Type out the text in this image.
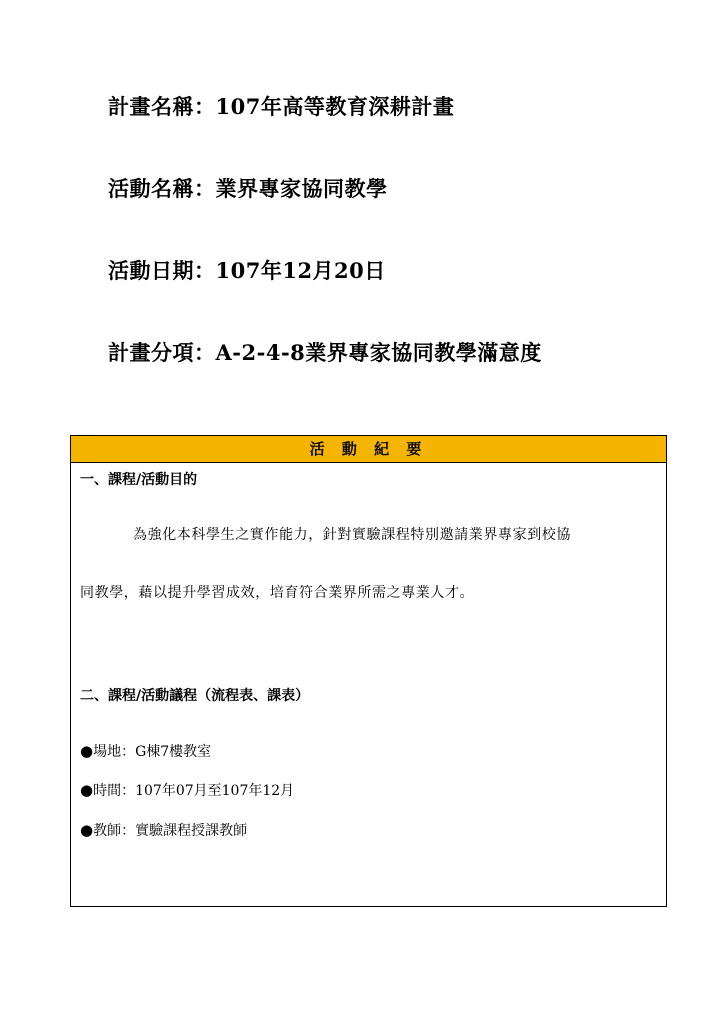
計畫名稱：107年高等教育深耕計畫
活動名稱：業界專家協同教學
活動日期：107年12月20日
計畫分項：A-2-4-8業界專家協同教學滿意度
活 動 紀 要
一、課程/活動目的
為強化本科學生之實作能力，針對實驗課程特別邀請業界專家到校協
同教學，藉以提升學習成效，培育符合業界所需之專業人才。
二、課程/活動議程（流程表、課表）
●場地：G棟7樓教室
●時間：107年07月至107年12月
●教師：實驗課程授課教師
